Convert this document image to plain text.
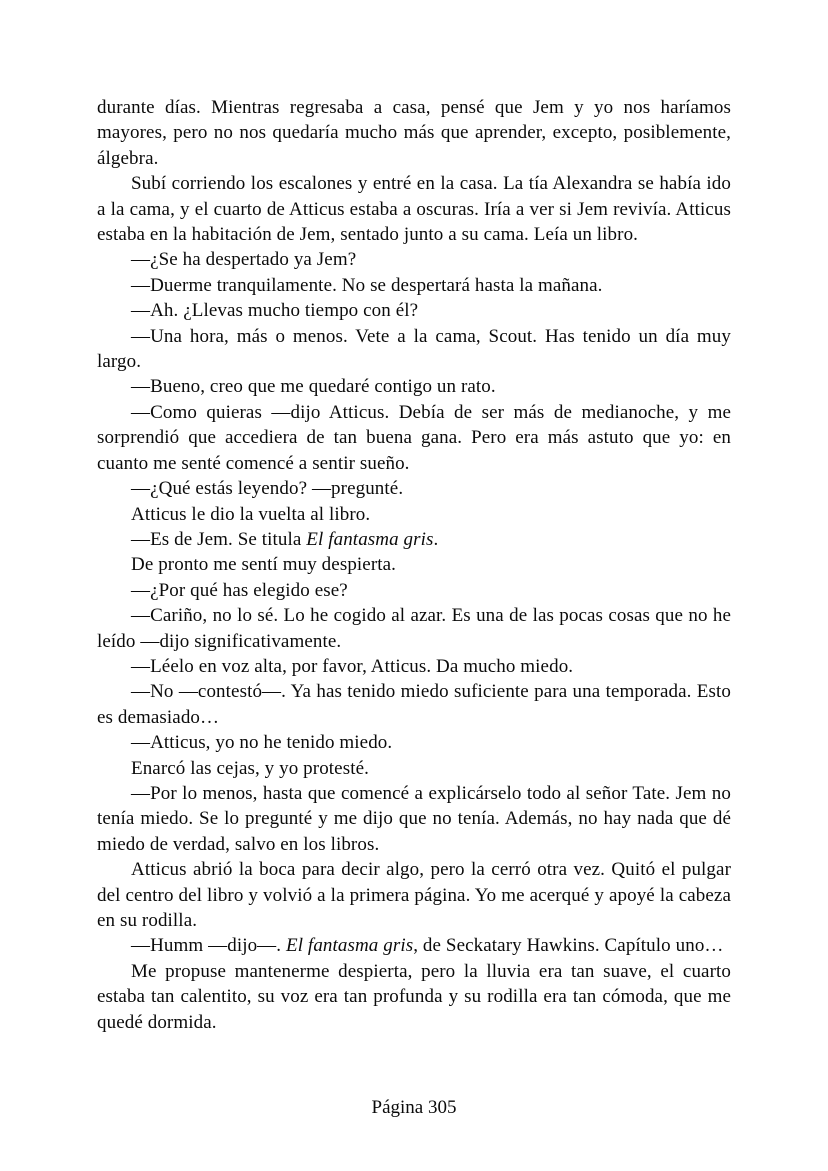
durante días. Mientras regresaba a casa, pensé que Jem y yo nos haríamos mayores, pero no nos quedaría mucho más que aprender, excepto, posiblemente, álgebra.

Subí corriendo los escalones y entré en la casa. La tía Alexandra se había ido a la cama, y el cuarto de Atticus estaba a oscuras. Iría a ver si Jem revivía. Atticus estaba en la habitación de Jem, sentado junto a su cama. Leía un libro.

—¿Se ha despertado ya Jem?

—Duerme tranquilamente. No se despertará hasta la mañana.

—Ah. ¿Llevas mucho tiempo con él?

—Una hora, más o menos. Vete a la cama, Scout. Has tenido un día muy largo.

—Bueno, creo que me quedaré contigo un rato.

—Como quieras —dijo Atticus. Debía de ser más de medianoche, y me sorprendió que accediera de tan buena gana. Pero era más astuto que yo: en cuanto me senté comencé a sentir sueño.

—¿Qué estás leyendo? —pregunté.

Atticus le dio la vuelta al libro.

—Es de Jem. Se titula El fantasma gris.

De pronto me sentí muy despierta.

—¿Por qué has elegido ese?

—Cariño, no lo sé. Lo he cogido al azar. Es una de las pocas cosas que no he leído —dijo significativamente.

—Léelo en voz alta, por favor, Atticus. Da mucho miedo.

—No —contestó—. Ya has tenido miedo suficiente para una temporada. Esto es demasiado…

—Atticus, yo no he tenido miedo.

Enarcó las cejas, y yo protesté.

—Por lo menos, hasta que comencé a explicárselo todo al señor Tate. Jem no tenía miedo. Se lo pregunté y me dijo que no tenía. Además, no hay nada que dé miedo de verdad, salvo en los libros.

Atticus abrió la boca para decir algo, pero la cerró otra vez. Quitó el pulgar del centro del libro y volvió a la primera página. Yo me acerqué y apoyé la cabeza en su rodilla.

—Humm —dijo—. El fantasma gris, de Seckatary Hawkins. Capítulo uno…

Me propuse mantenerme despierta, pero la lluvia era tan suave, el cuarto estaba tan calentito, su voz era tan profunda y su rodilla era tan cómoda, que me quedé dormida.

Página 305
